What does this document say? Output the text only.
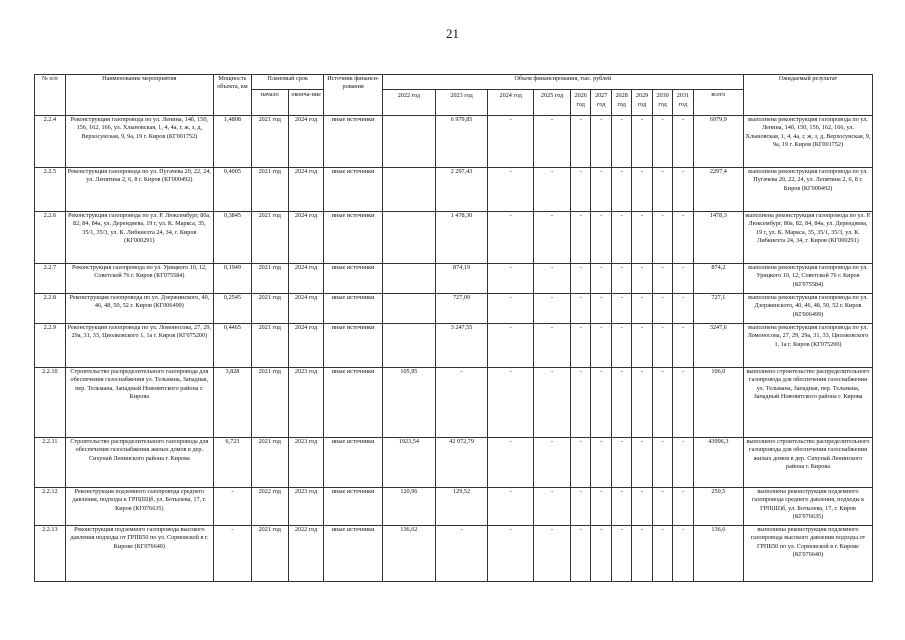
21
№ п/п	Наименование мероприятия	Мощность объекта, км	Плановый срок		Источник финанси-рования	Объем финансирования, тыс. рублей											Ожидаемый результат
			начало	оконча-ние		2022 год	2023 год	2024 год	2025 год	2026 год	2027 год	2028 год	2029 год	2030 год	2031 год	всего	
2.2.4	Реконструкция газопровода по ул. Ленина, 14б, 150, 156, 162, 166, ул. Хлыновская, 1, 4, 4а, г, ж, з, д, Верхосунская, 9, 9а, 19 г. Киров (КГ001752)	1,4808	2021 год	2024 год	иные источники		6 979,85	-	-	-	-	-	-	-	-	6979,9	выполнена реконструкция газопровода по ул. Ленина, 14б, 150, 156, 162, 166, ул. Хлыновская, 1, 4, 4а, г, ж, з, д, Верхосунская, 9, 9а, 19 г. Киров (КГ001752)
2.2.5	Реконструкция газопровода по ул. Пугачева 20, 22, 24, ул. Лепятина 2, 6, 8 г. Киров (КГ000492)	0,4005	2021 год	2024 год	иные источники		2 297,43	-	-	-	-	-	-	-	-	2297,4	выполнена реконструкция газопровода по ул. Пугачева 20, 22, 24, ул. Лепятина 2, 6, 8 г. Киров (КГ000492)
2.2.6	Реконструкция газопровода по ул. Р. Люксембург, 80а, 82, 84, 84а, ул. Дерендяева, 19 г, ул. К. Маркса, 35, 35/1, 35/3, ул. К. Либкнехта 24, 34, г. Киров (КГ000291)	0,3845	2021 год	2024 год	иные источники		1 478,30	-	-	-	-	-	-	-	-	1478,3	выполнена реконструкция газопровода по ул. Р. Люксембург, 80а, 82, 84, 84а, ул. Дерендяева, 19 г, ул. К. Маркса, 35, 35/1, 35/3, ул. К. Либкнехта 24, 34, г. Киров (КГ000291)
2.2.7	Реконструкция газопровода по ул. Урицкого 10, 12, Советской 76 г. Киров (КГ075584)	0,1949	2021 год	2024 год	иные источники		874,19	-	-	-	-	-	-	-	-	874,2	выполнена реконструкция газопровода по ул. Урицкого 10, 12, Советской 76 г. Киров (КГ075584)
2.2.8	Реконструкция газопровода по ул. Дзержинского, 40, 46, 48, 50, 52 г. Киров (КГ006499)	0,2545	2021 год	2024 год	иные источники		727,09	-	-	-	-	-	-	-	-	727,1	выполнена реконструкция газопровода по ул. Дзержинского, 40, 46, 48, 50, 52 г. Киров (КГ006499)
2.2.9	Реконструкция газопровода по ул. Ломоносова, 27, 29, 29а, 31, 33, Циолковского 1, 1а г. Киров (КГ075200)	0,4465	2021 год	2024 год	иные источники		3 247,55	-	-	-	-	-	-	-	-	3247,6	выполнена реконструкция газопровода по ул. Ломоносова, 27, 29, 29а, 31, 33, Циолковского 1, 1а г. Киров (КГ075200)
2.2.10	Строительство распределительного газопровода для обеспечения газоснабжения ул. Тельмана, Западная, пер. Тельмана, Западный Нововятского района г. Кирова	3,828	2021 год	2023 год	иные источники	105,95	-	-	-	-	-	-	-	-	-	106,0	выполнено строительство распределительного газопровода для обеспечения газоснабжения ул. Тельмана, Западная, пер. Тельмана, Западный Нововятского района г. Кирова
2.2.11	Строительство распределительного газопровода для обеспечения газоснабжения жилых домов в дер. Сихунай Ленинского района г. Кирова	6,723	2021 год	2023 год	иные источники	1923,54	42 072,79	-	-	-	-	-	-	-	-	43996,3	выполнено строительство распределительного газопровода для обеспечения газоснабжения жилых домов в дер. Сихунай Ленинского района г. Кирова
2.2.12	Реконструкция подземного газопровода среднего давления, подходы к ГРП(Ш)б, ул. Ботылева, 17, г. Киров (КГ076635)	-	2022 год	2023 год	иные источники	120,96	129,52	-	-	-	-	-	-	-	-	250,5	выполнена реконструкция подземного газопровода среднего давления, подходы к ГРП(Ш)б, ул. Ботылева, 17, г. Киров (КГ076635)
2.2.13	Реконструкция подземного газопровода высокого давления подходы от ГРПБ50 по ул. Сормовской в г. Кирове (КГ076640)	-	2021 год	2022 год	иные источники	136,62	-	-	-	-	-	-	-	-	-	136,6	выполнена реконструкция подземного газопровода высокого давления подходы от ГРПБ50 по ул. Сормовской в г. Кирове (КГ076640)
